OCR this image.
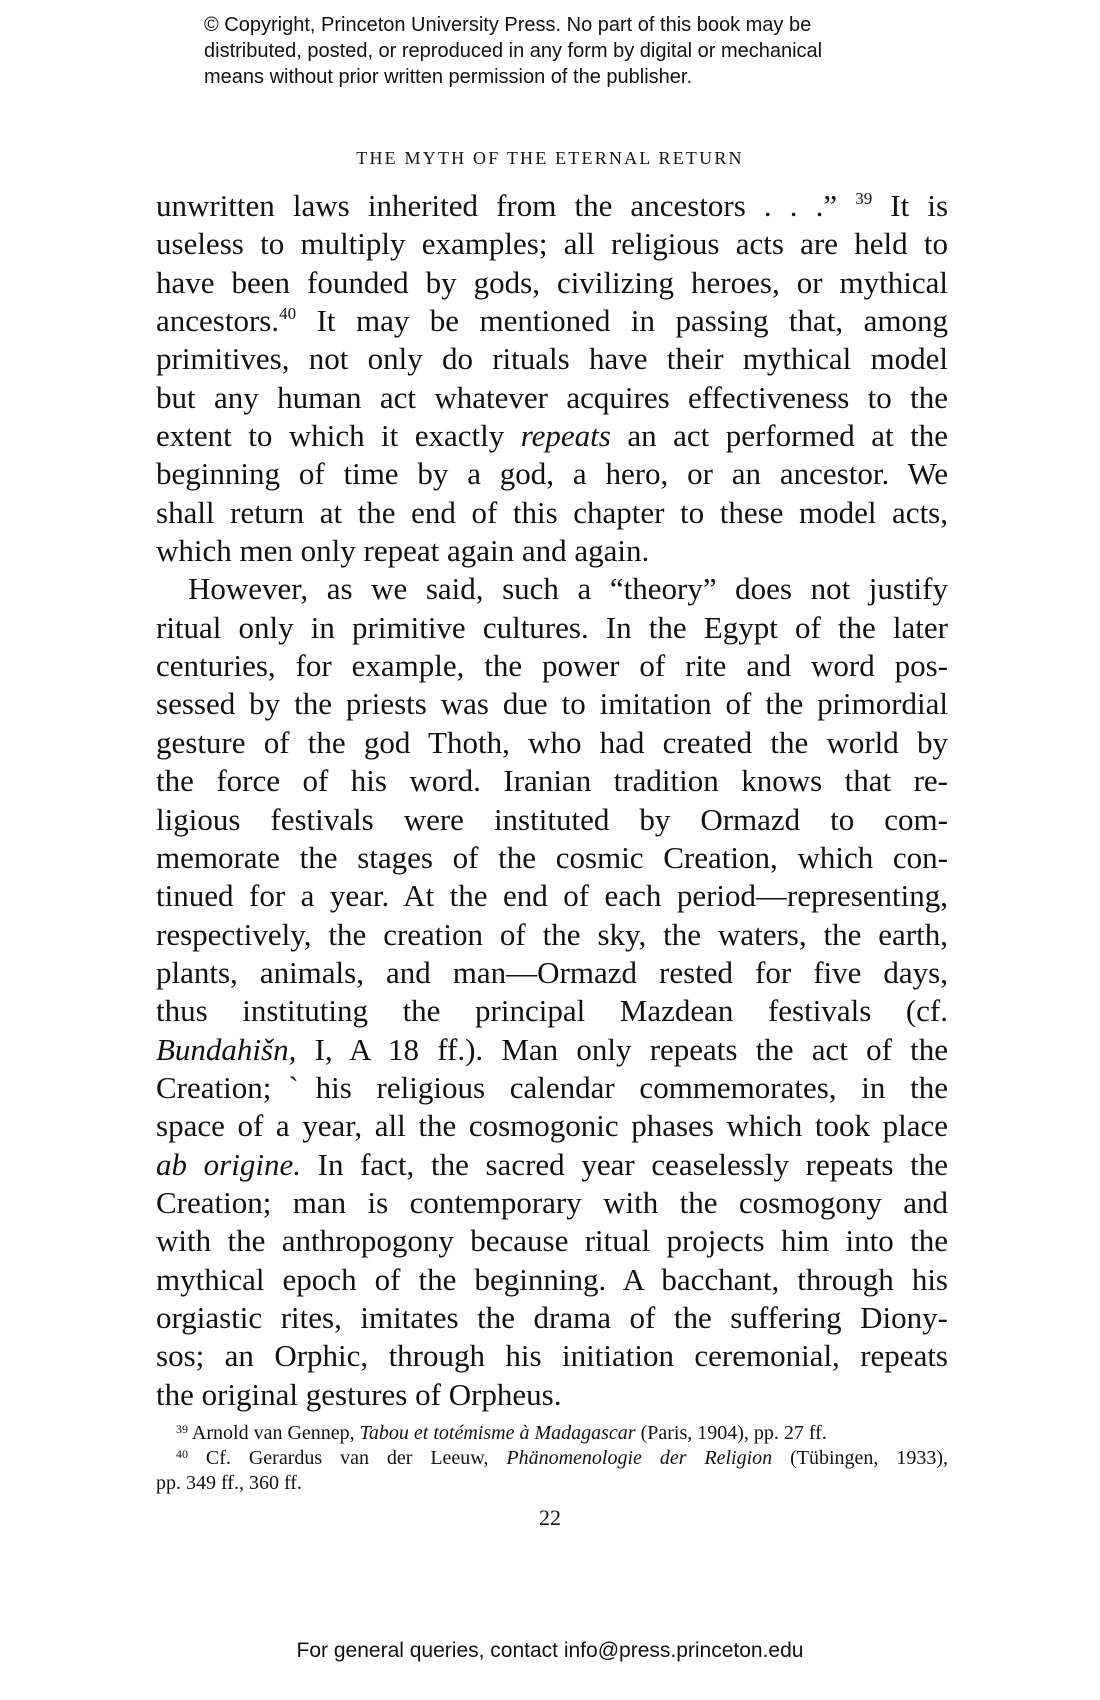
© Copyright, Princeton University Press. No part of this book may be
distributed, posted, or reproduced in any form by digital or mechanical
means without prior written permission of the publisher.
THE MYTH OF THE ETERNAL RETURN
unwritten laws inherited from the ancestors . . .” $^{39}$ It is
useless to multiply examples; all religious acts are held to
have been founded by gods, civilizing heroes, or mythical
ancestors.$^{40}$ It may be mentioned in passing that, among
primitives, not only do rituals have their mythical model
but any human act whatever acquires effectiveness to the
extent to which it exactly repeats an act performed at the
beginning of time by a god, a hero, or an ancestor. We
shall return at the end of this chapter to these model acts,
which men only repeat again and again.
However, as we said, such a “theory” does not justify
ritual only in primitive cultures. In the Egypt of the later
centuries, for example, the power of rite and word pos-
sessed by the priests was due to imitation of the primordial
gesture of the god Thoth, who had created the world by
the force of his word. Iranian tradition knows that re-
ligious festivals were instituted by Ormazd to com-
memorate the stages of the cosmic Creation, which con-
tinued for a year. At the end of each period—representing,
respectively, the creation of the sky, the waters, the earth,
plants, animals, and man—Ormazd rested for five days,
thus instituting the principal Mazdean festivals (cf.
Bundahišn, I, A 18 ff.). Man only repeats the act of the
Creation;ˋhis religious calendar commemorates, in the
space of a year, all the cosmogonic phases which took place
ab origine. In fact, the sacred year ceaselessly repeats the
Creation; man is contemporary with the cosmogony and
with the anthropogony because ritual projects him into the
mythical epoch of the beginning. A bacchant, through his
orgiastic rites, imitates the drama of the suffering Diony-
sos; an Orphic, through his initiation ceremonial, repeats
the original gestures of Orpheus.
$^{39}$ Arnold van Gennep, Tabou et totémisme à Madagascar (Paris, 1904), pp. 27 ff.
$^{40}$ Cf. Gerardus van der Leeuw, Phänomenologie der Religion (Tübingen, 1933),
pp. 349 ff., 360 ff.
22
For general queries, contact info@press.princeton.edu
